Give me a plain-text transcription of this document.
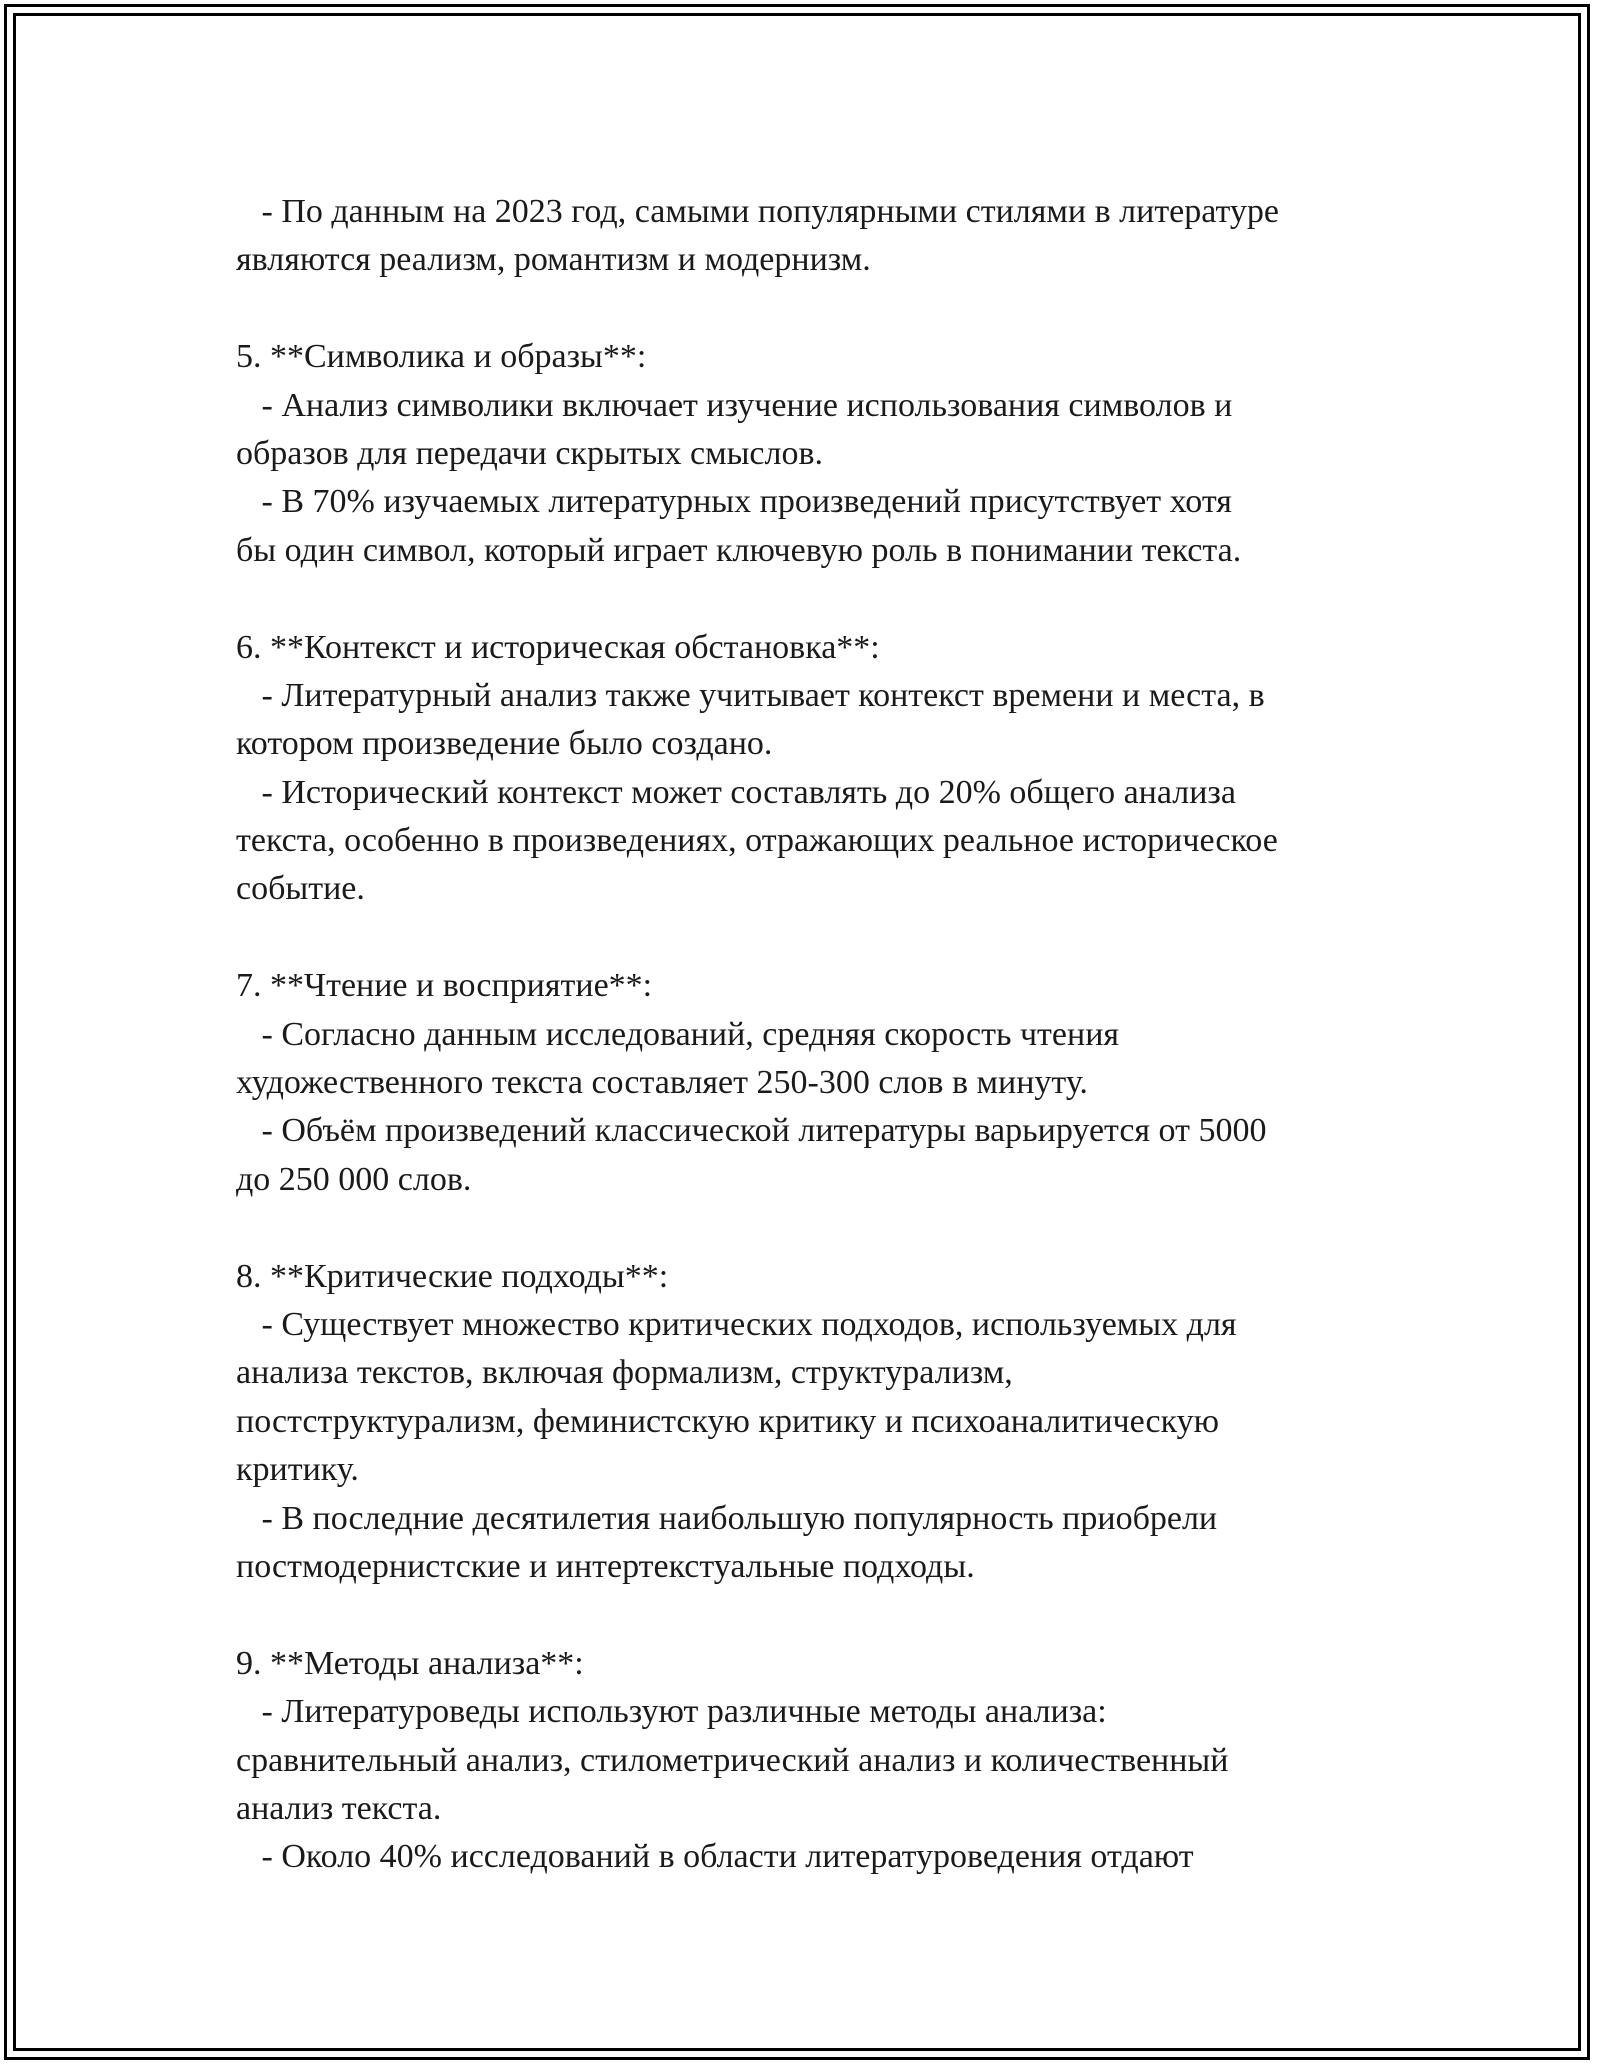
- По данным на 2023 год, самыми популярными стилями в литературе
являются реализм, романтизм и модернизм.
5. **Символика и образы**:
- Анализ символики включает изучение использования символов и
образов для передачи скрытых смыслов.
- В 70% изучаемых литературных произведений присутствует хотя
бы один символ, который играет ключевую роль в понимании текста.
6. **Контекст и историческая обстановка**:
- Литературный анализ также учитывает контекст времени и места, в
котором произведение было создано.
- Исторический контекст может составлять до 20% общего анализа
текста, особенно в произведениях, отражающих реальное историческое
событие.
7. **Чтение и восприятие**:
- Согласно данным исследований, средняя скорость чтения
художественного текста составляет 250-300 слов в минуту.
- Объём произведений классической литературы варьируется от 5000
до 250 000 слов.
8. **Критические подходы**:
- Существует множество критических подходов, используемых для
анализа текстов, включая формализм, структурализм,
постструктурализм, феминистскую критику и психоаналитическую
критику.
- В последние десятилетия наибольшую популярность приобрели
постмодернистские и интертекстуальные подходы.
9. **Методы анализа**:
- Литературоведы используют различные методы анализа:
сравнительный анализ, стилометрический анализ и количественный
анализ текста.
- Около 40% исследований в области литературоведения отдают
